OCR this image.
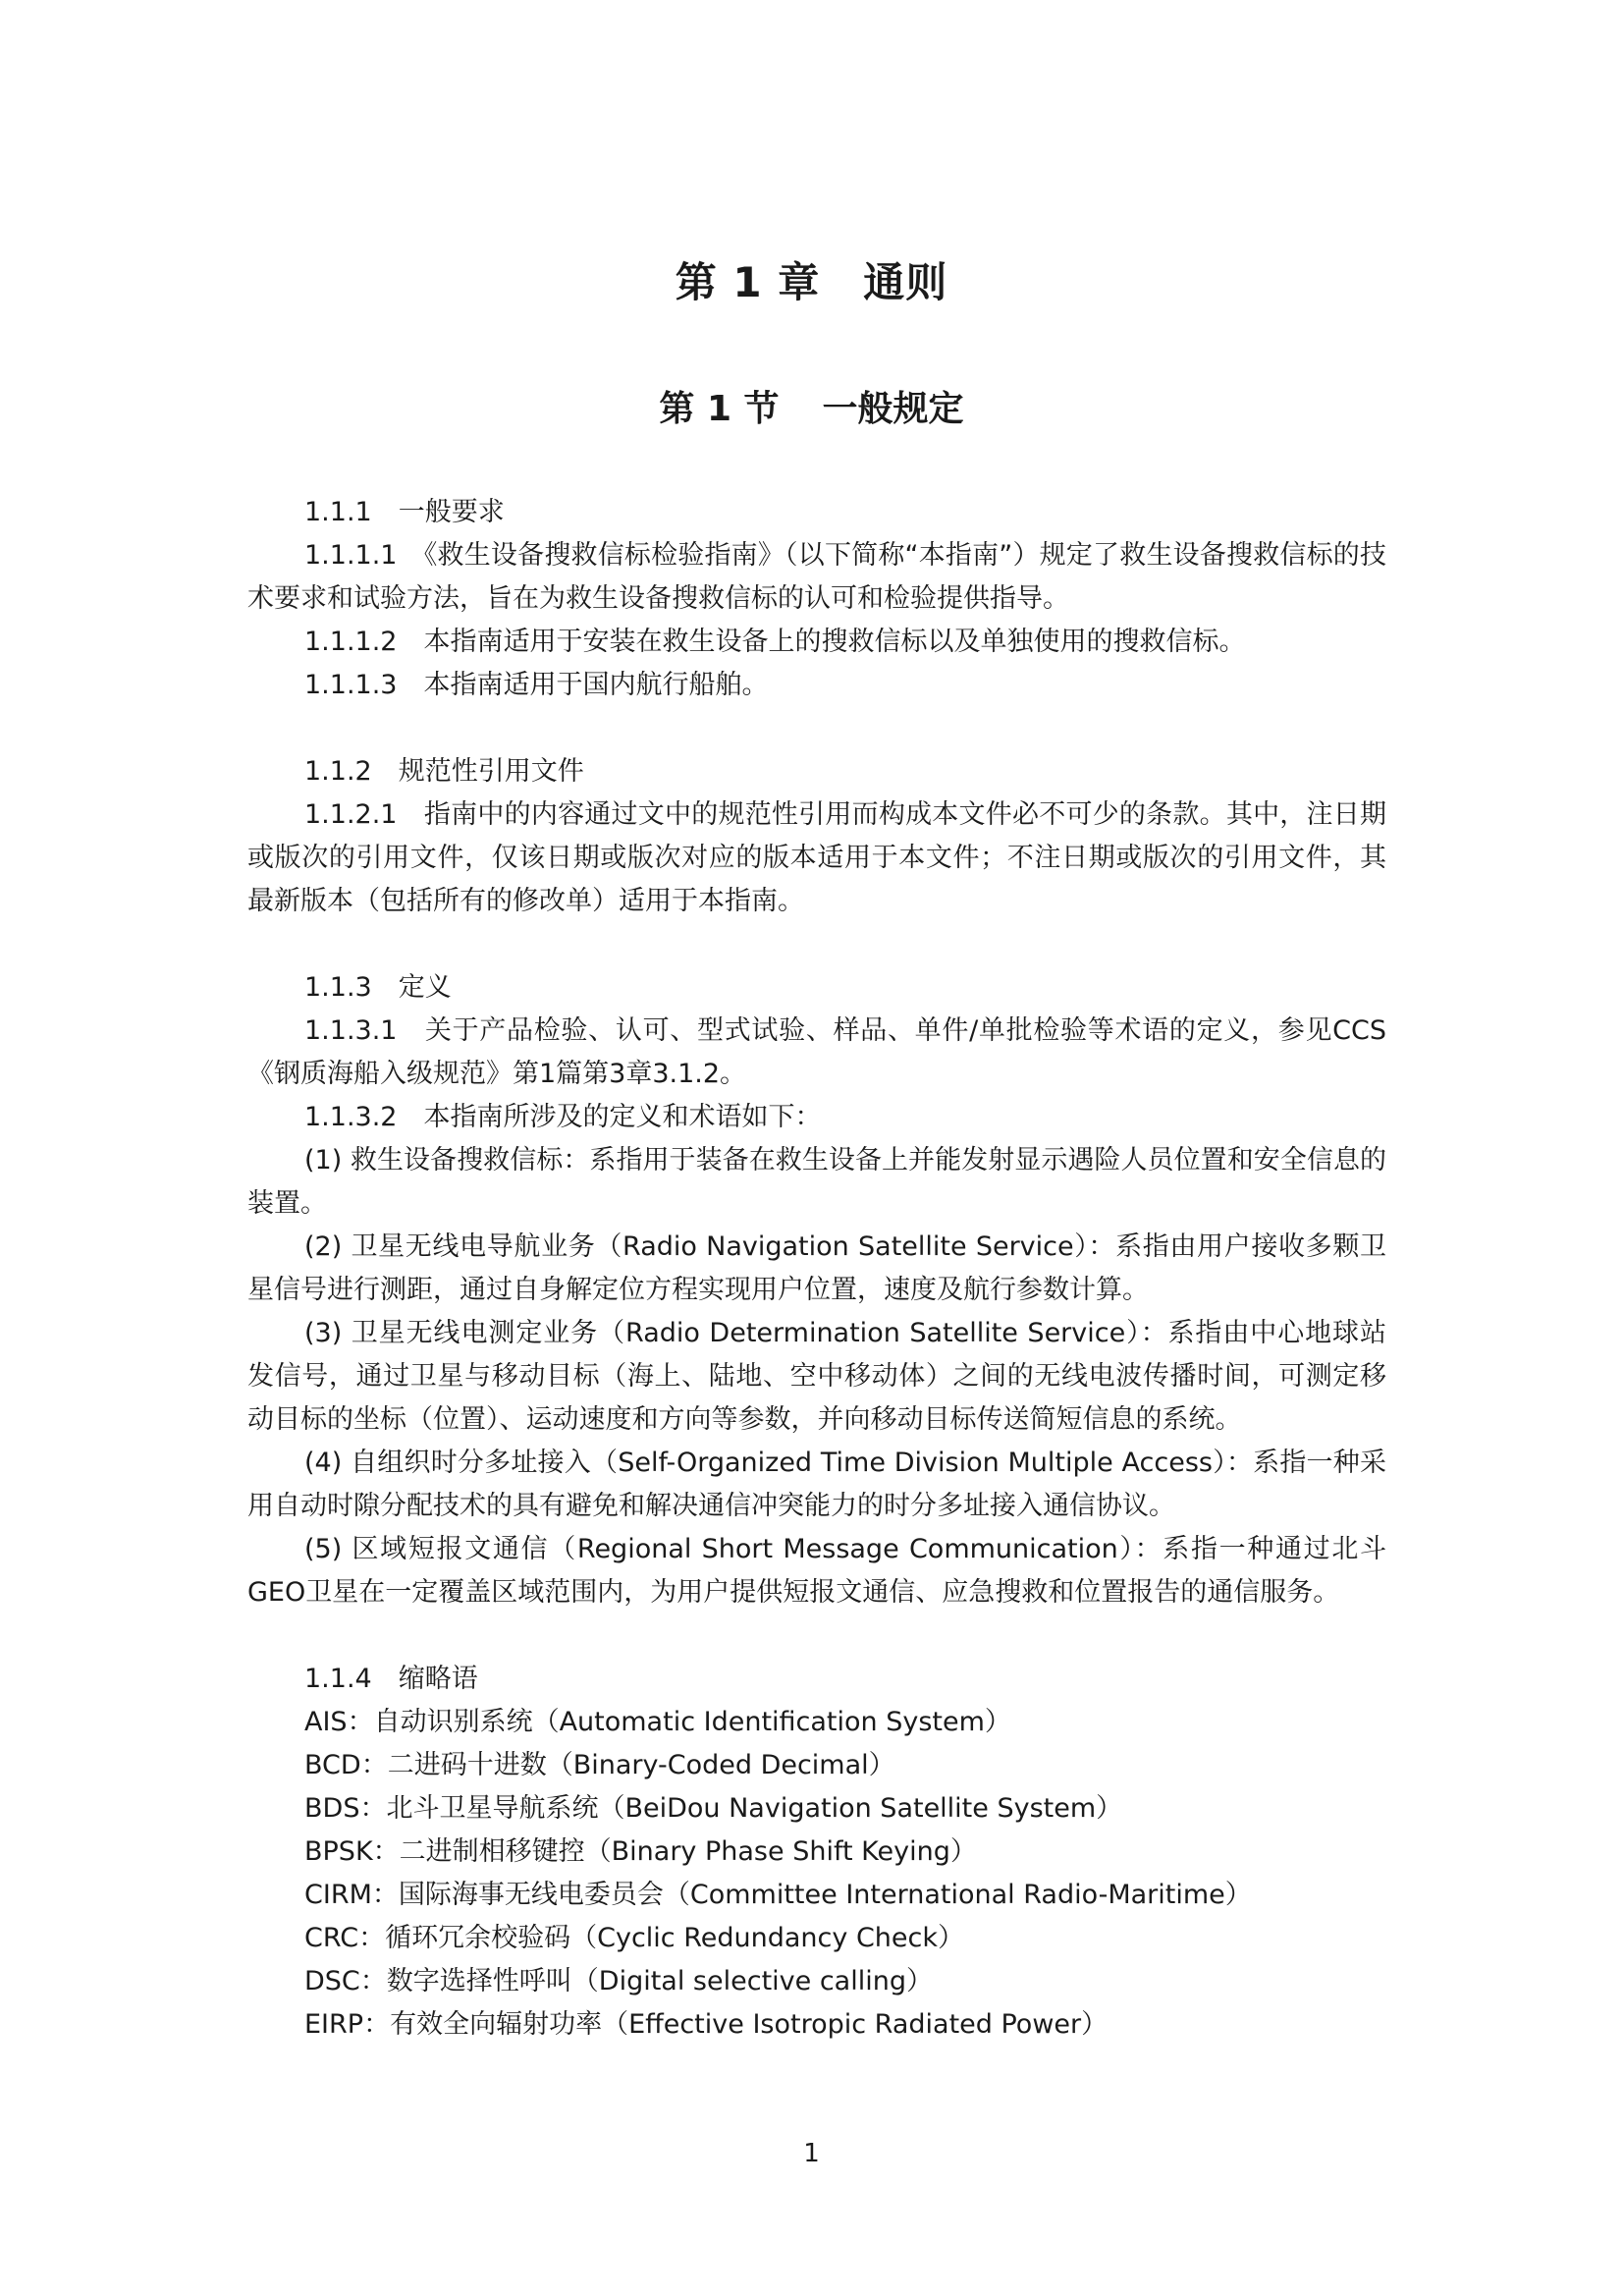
第 1 章 通则
第 1 节 一般规定

1.1.1　一般要求

1.1.1.1　《救生设备搜救信标检验指南》（以下简称“本指南”）规定了救生设备搜救信标的技术要求和试验方法，旨在为救生设备搜救信标的认可和检验提供指导。

1.1.1.2　本指南适用于安装在救生设备上的搜救信标以及单独使用的搜救信标。

1.1.1.3　本指南适用于国内航行船舶。

1.1.2　规范性引用文件

1.1.2.1　指南中的内容通过文中的规范性引用而构成本文件必不可少的条款。其中，注日期或版次的引用文件，仅该日期或版次对应的版本适用于本文件；不注日期或版次的引用文件，其最新版本（包括所有的修改单）适用于本指南。

1.1.3　定义

1.1.3.1　关于产品检验、认可、型式试验、样品、单件/单批检验等术语的定义，参见CCS《钢质海船入级规范》第1篇第3章3.1.2。

1.1.3.2　本指南所涉及的定义和术语如下：

(1) 救生设备搜救信标：系指用于装备在救生设备上并能发射显示遇险人员位置和安全信息的装置。

(2) 卫星无线电导航业务（Radio Navigation Satellite Service）：系指由用户接收多颗卫星信号进行测距，通过自身解定位方程实现用户位置，速度及航行参数计算。

(3) 卫星无线电测定业务（Radio Determination Satellite Service）：系指由中心地球站发信号，通过卫星与移动目标（海上、陆地、空中移动体）之间的无线电波传播时间，可测定移动目标的坐标（位置）、运动速度和方向等参数，并向移动目标传送简短信息的系统。

(4) 自组织时分多址接入（Self-Organized Time Division Multiple Access）：系指一种采用自动时隙分配技术的具有避免和解决通信冲突能力的时分多址接入通信协议。

(5) 区域短报文通信（Regional Short Message Communication）：系指一种通过北斗GEO卫星在一定覆盖区域范围内，为用户提供短报文通信、应急搜救和位置报告的通信服务。

1.1.4　缩略语

AIS：自动识别系统（Automatic Identification System）

BCD：二进码十进数（Binary-Coded Decimal）

BDS：北斗卫星导航系统（BeiDou Navigation Satellite System）

BPSK：二进制相移键控（Binary Phase Shift Keying）

CIRM：国际海事无线电委员会（Committee International Radio-Maritime）

CRC：循环冗余校验码（Cyclic Redundancy Check）

DSC：数字选择性呼叫（Digital selective calling）

EIRP：有效全向辐射功率（Effective Isotropic Radiated Power）

1
